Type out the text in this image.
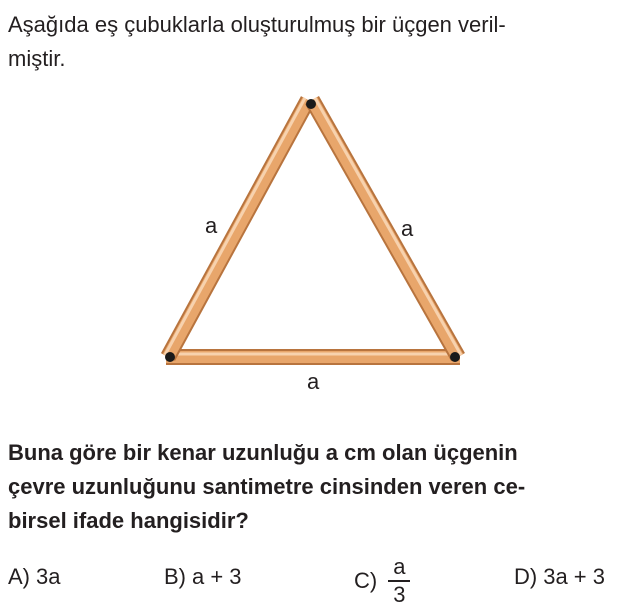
Aşağıda eş çubuklarla oluşturulmuş bir üçgen veril-
miştir.

a	a
a

Buna göre bir kenar uzunluğu a cm olan üçgenin
çevre uzunluğunu santimetre cinsinden veren ce-
birsel ifade hangisidir?

A) 3a	B) a + 3	$C) \frac{a}{3}$	D) 3a + 3
